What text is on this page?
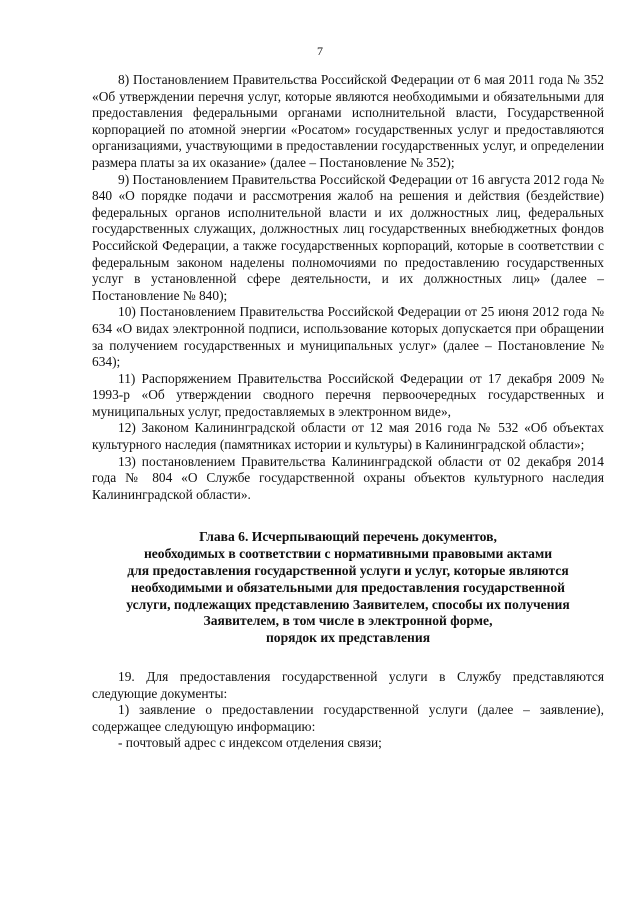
7

8) Постановлением Правительства Российской Федерации от 6 мая 2011 года № 352 «Об утверждении перечня услуг, которые являются необходимыми и обязательными для предоставления федеральными органами исполнительной власти, Государственной корпорацией по атомной энергии «Росатом» государственных услуг и предоставляются организациями, участвующими в предоставлении государственных услуг, и определении размера платы за их оказание» (далее – Постановление № 352);

9) Постановлением Правительства Российской Федерации от 16 августа 2012 года № 840 «О порядке подачи и рассмотрения жалоб на решения и действия (бездействие) федеральных органов исполнительной власти и их должностных лиц, федеральных государственных служащих, должностных лиц государственных внебюджетных фондов Российской Федерации, а также государственных корпораций, которые в соответствии с федеральным законом наделены полномочиями по предоставлению государственных услуг в установленной сфере деятельности, и их должностных лиц» (далее – Постановление № 840);

10) Постановлением Правительства Российской Федерации от 25 июня 2012 года № 634 «О видах электронной подписи, использование которых допускается при обращении за получением государственных и муниципальных услуг» (далее – Постановление № 634);

11) Распоряжением Правительства Российской Федерации от 17 декабря 2009 № 1993-р «Об утверждении сводного перечня первоочередных государственных и муниципальных услуг, предоставляемых в электронном виде»,

12) Законом Калининградской области от 12 мая 2016 года № 532 «Об объектах культурного наследия (памятниках истории и культуры) в Калининградской области»;

13) постановлением Правительства Калининградской области от 02 декабря 2014 года № 804 «О Службе государственной охраны объектов культурного наследия Калининградской области».

Глава 6. Исчерпывающий перечень документов,
необходимых в соответствии с нормативными правовыми актами
для предоставления государственной услуги и услуг, которые являются
необходимыми и обязательными для предоставления государственной
услуги, подлежащих представлению Заявителем, способы их получения
Заявителем, в том числе в электронной форме,
порядок их представления

19. Для предоставления государственной услуги в Службу представляются следующие документы:

1) заявление о предоставлении государственной услуги (далее – заявление), содержащее следующую информацию:

- почтовый адрес с индексом отделения связи;
